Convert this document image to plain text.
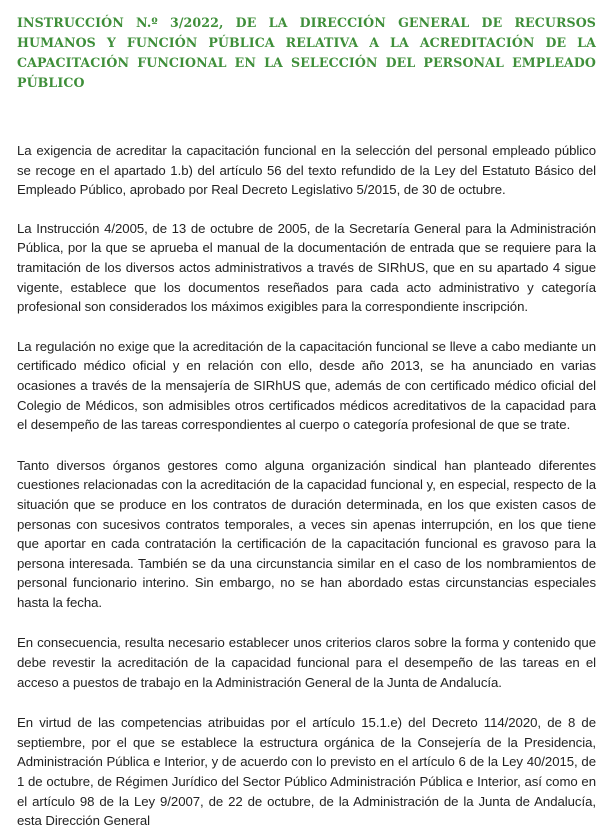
INSTRUCCIÓN N.º 3/2022, DE LA DIRECCIÓN GENERAL DE RECURSOS HUMANOS Y FUNCIÓN PÚBLICA RELATIVA A LA ACREDITACIÓN DE LA CAPACITACIÓN FUNCIONAL EN LA SELECCIÓN DEL PERSONAL EMPLEADO PÚBLICO

La exigencia de acreditar la capacitación funcional en la selección del personal empleado público se recoge en el apartado 1.b) del artículo 56 del texto refundido de la Ley del Estatuto Básico del Empleado Público, aprobado por Real Decreto Legislativo 5/2015, de 30 de octubre.

La Instrucción 4/2005, de 13 de octubre de 2005, de la Secretaría General para la Administración Pública, por la que se aprueba el manual de la documentación de entrada que se requiere para la tramitación de los diversos actos administrativos a través de SIRhUS, que en su apartado 4 sigue vigente, establece que los documentos reseñados para cada acto administrativo y categoría profesional son considerados los máximos exigibles para la correspondiente inscripción.

La regulación no exige que la acreditación de la capacitación funcional se lleve a cabo mediante un certificado médico oficial y en relación con ello, desde año 2013, se ha anunciado en varias ocasiones a través de la mensajería de SIRhUS que, además de con certificado médico oficial del Colegio de Médicos, son admisibles otros certificados médicos acreditativos de la capacidad para el desempeño de las tareas correspondientes al cuerpo o categoría profesional de que se trate.

Tanto diversos órganos gestores como alguna organización sindical han planteado diferentes cuestiones relacionadas con la acreditación de la capacidad funcional y, en especial, respecto de la situación que se produce en los contratos de duración determinada, en los que existen casos de personas con sucesivos contratos temporales, a veces sin apenas interrupción, en los que tiene que aportar en cada contratación la certificación de la capacitación funcional es gravoso para la persona interesada. También se da una circunstancia similar en el caso de los nombramientos de personal funcionario interino. Sin embargo, no se han abordado estas circunstancias especiales hasta la fecha.

En consecuencia, resulta necesario establecer unos criterios claros sobre la forma y contenido que debe revestir la acreditación de la capacidad funcional para el desempeño de las tareas en el acceso a puestos de trabajo en la Administración General de la Junta de Andalucía.

En virtud de las competencias atribuidas por el artículo 15.1.e) del Decreto 114/2020, de 8 de septiembre, por el que se establece la estructura orgánica de la Consejería de la Presidencia, Administración Pública e Interior, y de acuerdo con lo previsto en el artículo 6 de la Ley 40/2015, de 1 de octubre, de Régimen Jurídico del Sector Público Administración Pública e Interior, así como en el artículo 98 de la Ley 9/2007, de 22 de octubre, de la Administración de la Junta de Andalucía, esta Dirección General
